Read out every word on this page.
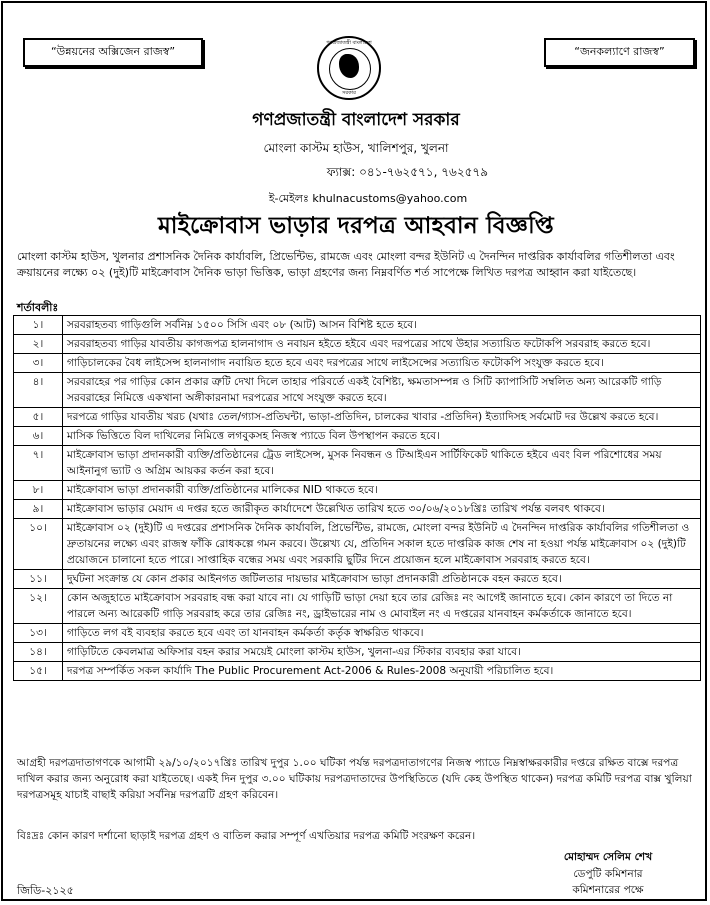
“উন্নয়নের অক্সিজেন রাজস্ব”	“জনকল্যাণে রাজস্ব”
গণপ্রজাতন্ত্রী বাংলাদেশ
সরকার
গণপ্রজাতন্ত্রী বাংলাদেশ সরকার
মোংলা কাস্টম হাউস, খালিশপুর, খুলনা
ফ্যাক্স: ০৪১-৭৬২৫৭১, ৭৬২৫৭৯
ই-মেইলঃ khulnacustoms@yahoo.com
মাইক্রোবাস ভাড়ার দরপত্র আহবান বিজ্ঞপ্তি
মোংলা কাস্টম হাউস, খুলনার প্রশাসনিক দৈনিক কার্যাবলি, প্রিভেন্টিভ, রামজে এবং মোংলা বন্দর ইউনিট এ দৈনন্দিন দাপ্তরিক কার্যাবলির গতিশীলতা এবং ক্রয়ায়নের লক্ষ্যে ০২ (দুই)টি মাইক্রোবাস দৈনিক ভাড়া ভিত্তিক, ভাড়া গ্রহণের জন্য নিম্নবর্ণিত শর্ত সাপেক্ষে লিখিত দরপত্র আহ্বান করা যাইতেছে।
শর্তাবলীঃ
১।	সরবরাহতব্য গাড়িগুলি সর্বনিম্ন ১৫০০ সিসি এবং ০৮ (আট) আসন বিশিষ্ট হতে হবে।
২।	সরবরাহতব্য গাড়ির যাবতীয় কাগজপত্র হালনাগাদ ও নবায়ন হইতে হইবে এবং দরপত্রের সাথে উহার সত্যায়িত ফটোকপি সরবরাহ করতে হবে।
৩।	গাড়িচালকের বৈধ লাইসেন্স হালনাগাদ নবায়িত হতে হবে এবং দরপত্রের সাথে লাইসেন্সের সত্যায়িত ফটোকপি সংযুক্ত করতে হবে।
৪।	সরবরাহের পর গাড়ির কোন প্রকার ত্রুটি দেখা দিলে তাহার পরিবর্তে একই বৈশিষ্ট্য, ক্ষমতাসম্পন্ন ও সিটি ক্যাপাসিটি সম্বলিত অন্য আরেকটি গাড়ি সরবরাহের নিমিত্তে একখানা অঙ্গীকারনামা দরপত্রের সাথে সংযুক্ত করতে হবে।
৫।	দরপত্রে গাড়ির যাবতীয় খরচ (যথাঃ তেল/গ্যাস-প্রতিঘন্টা, ভাড়া-প্রতিদিন, চালকের খাবার -প্রতিদিন) ইত্যাদিসহ সর্বমোট দর উল্লেখ করতে হবে।
৬।	মাসিক ভিত্তিতে বিল দাখিলের নিমিত্তে লগবুকসহ নিজস্ব প্যাডে বিল উপস্থাপন করতে হবে।
৭।	মাইক্রোবাস ভাড়া প্রদানকারী ব্যক্তি/প্রতিষ্ঠানের ট্রেড লাইসেন্স, মুসক নিবন্ধন ও টিআইএন সার্টিফিকেট থাকিতে হইবে এবং বিল পরিশোধের সময় আইনানুগ ভ্যাট ও অগ্রিম আয়কর কর্তন করা হবে।
৮।	মাইক্রোবাস ভাড়া প্রদানকারী ব্যক্তি/প্রতিষ্ঠানের মালিকের NID থাকতে হবে।
৯।	মাইক্রোবাস ভাড়ার মেয়াদ এ দপ্তর হতে জারীকৃত কার্যাদেশে উল্লেখিত তারিখ হতে ৩০/০৬/২০১৮খ্রিঃ তারিখ পর্যন্ত বলবৎ থাকবে।
১০।	মাইক্রোবাস ০২ (দুই)টি এ দপ্তরের প্রশাসনিক দৈনিক কার্যাবলি, প্রিভেন্টিভ, রামজে, মোংলা বন্দর ইউনিট এ দৈনন্দিন দাপ্তরিক কার্যাবলির গতিশীলতা ও দ্রুতায়নের লক্ষ্যে এবং রাজস্ব ফাঁকি রোধকল্পে গমন করবে। উল্লেখ্য যে, প্রতিদিন সকাল হতে দাপ্তরিক কাজ শেষ না হওয়া পর্যন্ত মাইক্রোবাস ০২ (দুই)টি প্রয়োজনে চালানো হতে পারে। সাপ্তাহিক বন্ধের সময় এবং সরকারি ছুটির দিনে প্রয়োজন হলে মাইক্রোবাস সরবরাহ করতে হবে।
১১।	দুর্ঘটনা সংক্রান্ত যে কোন প্রকার আইনগত জটিলতার দায়ভার মাইক্রোবাস ভাড়া প্রদানকারী প্রতিষ্ঠানকে বহন করতে হবে।
১২।	কোন অজুহাতে মাইক্রোবাস সরবরাহ বন্ধ করা যাবে না। যে গাড়িটি ভাড়া দেয়া হবে তার রেজিঃ নং আগেই জানাতে হবে। কোন কারণে তা দিতে না পারলে অন্য আরেকটি গাড়ি সরবরাহ করে তার রেজিঃ নং, ড্রাইভারের নাম ও মোবাইল নং এ দপ্তরের যানবাহন কর্মকর্তাকে জানাতে হবে।
১৩।	গাড়িতে লগ বই ব্যবহার করতে হবে এবং তা যানবাহন কর্মকর্তা কর্তৃক স্বাক্ষরিত থাকবে।
১৪।	গাড়িটিতে কেবলমাত্র অফিসার বহন করার সময়েই মোংলা কাস্টম হাউস, খুলনা-এর স্টিকার ব্যবহার করা যাবে।
১৫।	দরপত্র সম্পর্কিত সকল কার্যাদি The Public Procurement Act-2006 & Rules-2008 অনুযায়ী পরিচালিত হবে।
আগ্রহী দরপত্রদাতাগণকে আগামী ২৯/১০/২০১৭খ্রিঃ তারিখ দুপুর ১.০০ ঘটিকা পর্যন্ত দরপত্রদাতাগণের নিজস্ব প্যাডে নিম্নস্বাক্ষরকারীর দপ্তরে রক্ষিত বাক্সে দরপত্র দাখিল করার জন্য অনুরোধ করা যাইতেছে। একই দিন দুপুর ৩.০০ ঘটিকায় দরপত্রদাতাদের উপস্থিতিতে (যদি কেহ উপস্থিত থাকেন) দরপত্র কমিটি দরপত্র বাক্স খুলিয়া দরপত্রসমূহ যাচাই বাছাই করিয়া সর্বনিম্ন দরপত্রটি গ্রহণ করিবেন।
বিঃদ্রঃ কোন কারণ দর্শানো ছাড়াই দরপত্র গ্রহণ ও বাতিল করার সম্পূর্ণ এখতিয়ার দরপত্র কমিটি সংরক্ষণ করেন।
মোহাম্মদ সেলিম শেখ
ডেপুটি কমিশনার
কমিশনারের পক্ষে
জিডি-২১২৫
